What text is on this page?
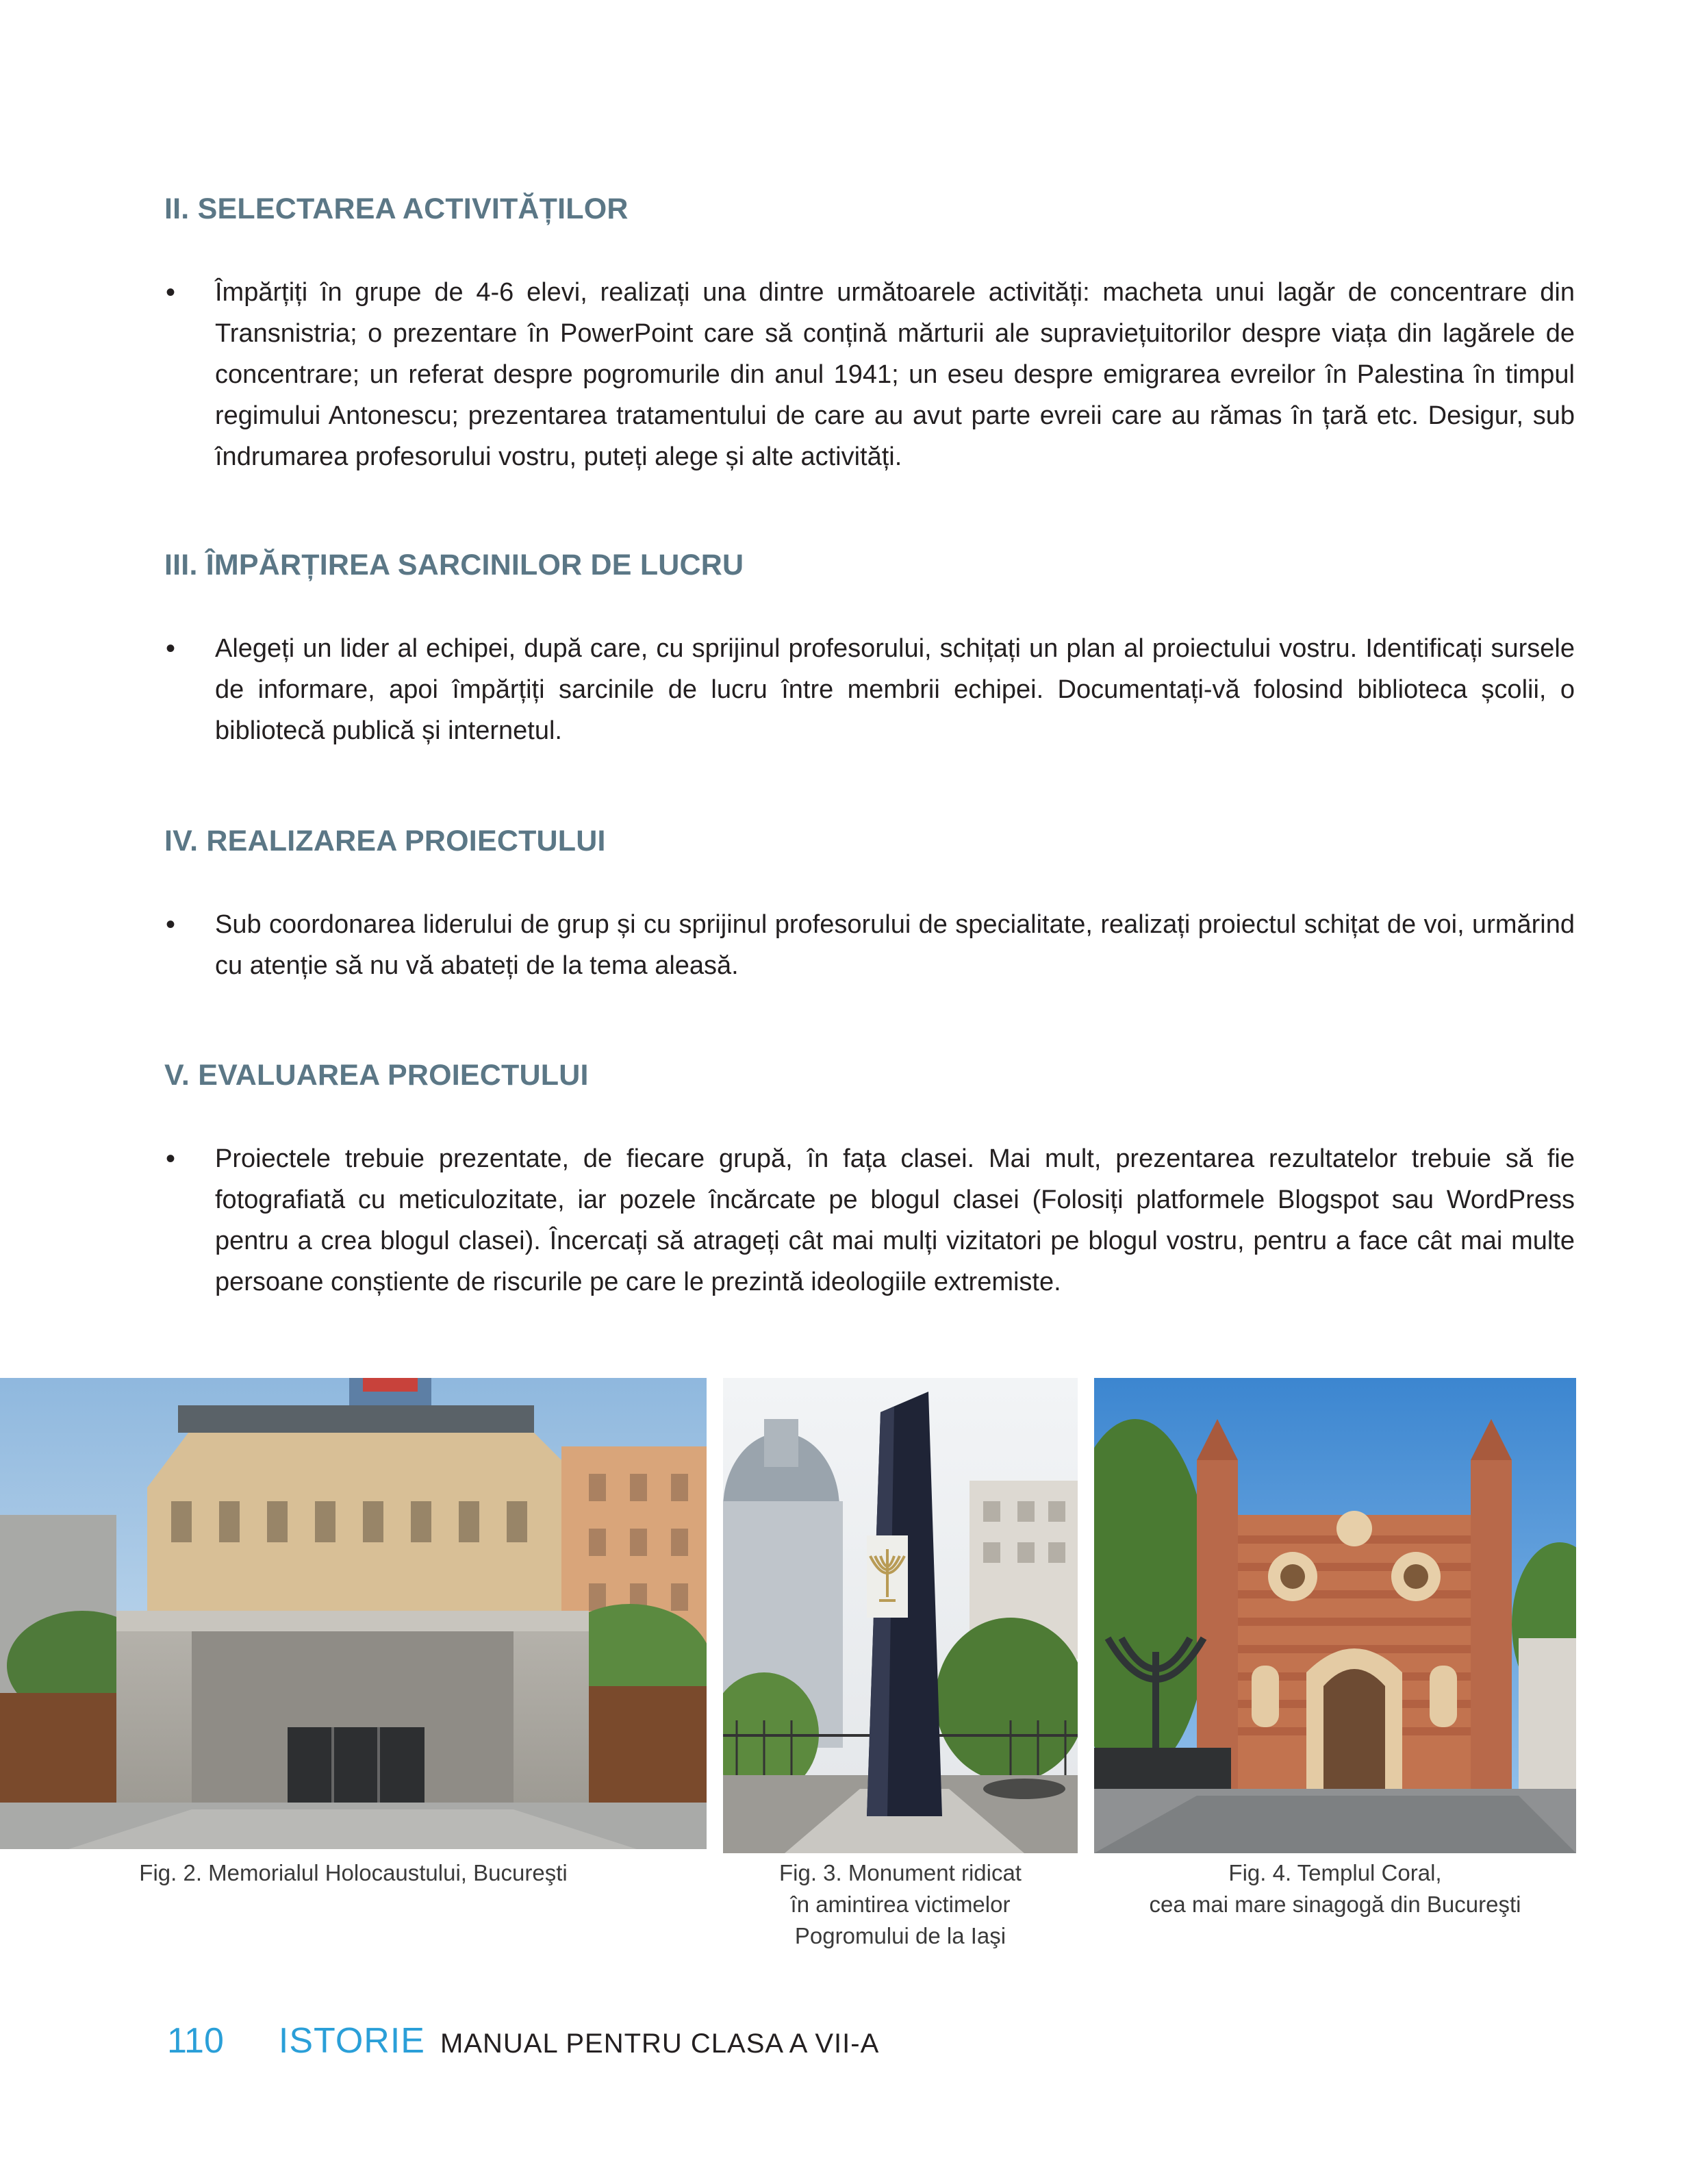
II. SELECTAREA ACTIVITĂȚILOR
• Împărțiți în grupe de 4-6 elevi, realizați una dintre următoarele activități: macheta unui lagăr de concentrare din Transnistria; o prezentare în PowerPoint care să conțină mărturii ale supraviețuitorilor despre viața din lagărele de concentrare; un referat despre pogromurile din anul 1941; un eseu despre emigrarea evreilor în Palestina în timpul regimului Antonescu; prezentarea tratamentului de care au avut parte evreii care au rămas în țară etc. Desigur, sub îndrumarea profesorului vostru, puteți alege și alte activități.
III. ÎMPĂRȚIREA SARCINILOR DE LUCRU
• Alegeți un lider al echipei, după care, cu sprijinul profesorului, schițați un plan al proiectului vostru. Identificați sursele de informare, apoi împărțiți sarcinile de lucru între membrii echipei. Documentați-vă folosind biblioteca școlii, o bibliotecă publică și internetul.
IV. REALIZAREA PROIECTULUI
• Sub coordonarea liderului de grup și cu sprijinul profesorului de specialitate, realizați proiectul schițat de voi, urmărind cu atenție să nu vă abateți de la tema aleasă.
V. EVALUAREA PROIECTULUI
• Proiectele trebuie prezentate, de fiecare grupă, în fața clasei. Mai mult, prezentarea rezultatelor trebuie să fie fotografiată cu meticulozitate, iar pozele încărcate pe blogul clasei (Folosiți platformele Blogspot sau WordPress pentru a crea blogul clasei). Încercați să atrageți cât mai mulți vizitatori pe blogul vostru, pentru a face cât mai multe persoane conștiente de riscurile pe care le prezintă ideologiile extremiste.
Fig. 2. Memorialul Holocaustului, Bucureşti	Fig. 3. Monument ridicat
în amintirea victimelor
Pogromului de la Iaşi
Fig. 4. Templul Coral,
cea mai mare sinagogă din Bucureşti
110 ISTORIE MANUAL PENTRU CLASA A VII-A
